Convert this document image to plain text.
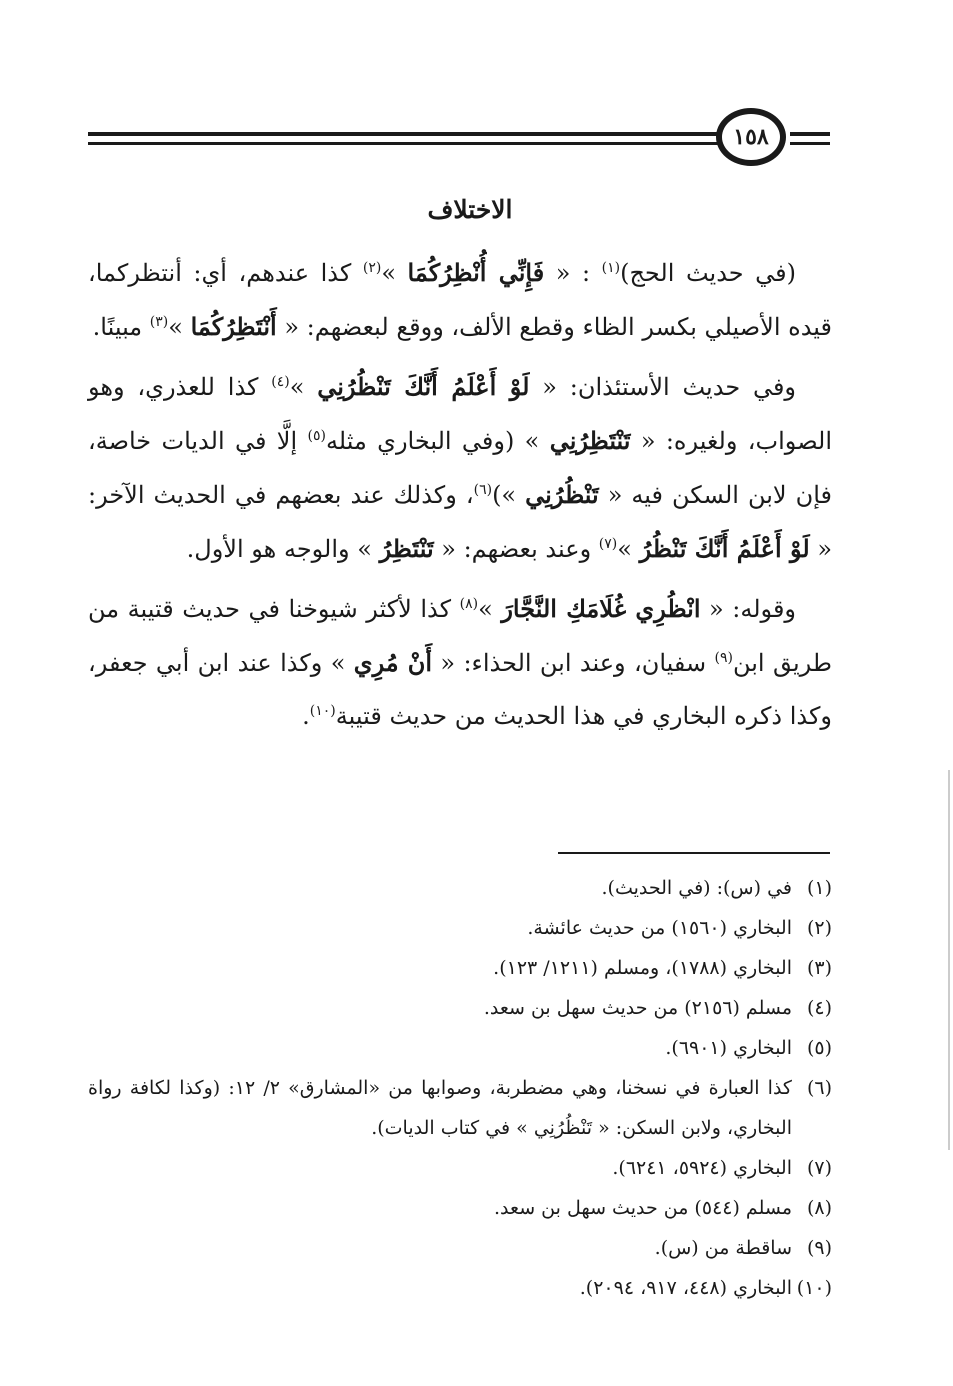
١٥٨
الاختلاف

(في حديث الحج)$^{(١)}$ : « فَإِنِّي أُنْظِرُكُمَا »$^{(٢)}$ كذا عندهم، أي: أنتظركما، قيده الأصيلي بكسر الظاء وقطع الألف، ووقع لبعضهم: « أَنْتَظِرُكُمَا »$^{(٣)}$ مبينًا.

وفي حديث الأستئذان: « لَوْ أَعْلَمُ أَنَّكَ تَنْظُرُنِي »$^{(٤)}$ كذا للعذري، وهو الصواب، ولغيره: « تَنْتَظِرُنِي » (وفي البخاري مثله$^{(٥)}$ إلَّا في الديات خاصة، فإن لابن السكن فيه « تَنْظُرُنِي »)$^{(٦)}$، وكذلك عند بعضهم في الحديث الآخر: « لَوْ أَعْلَمُ أَنَّكَ تَنْظُرُ »$^{(٧)}$ وعند بعضهم: « تَنْتَظِرُ » والوجه هو الأول.

وقوله: « انْظُرِي غُلَامَكِ النَّجَّارَ »$^{(٨)}$ كذا لأكثر شيوخنا في حديث قتيبة من طريق ابن$^{(٩)}$ سفيان، وعند ابن الحذاء: « أَنْ مُرِي » وكذا عند ابن أبي جعفر، وكذا ذكره البخاري في هذا الحديث من حديث قتيبة$^{(١٠)}$.

(١)
في (س): (في الحديث).
(٢)
البخاري (١٥٦٠) من حديث عائشة.
(٣)
البخاري (١٧٨٨)، ومسلم (١٢١١/ ١٢٣).
(٤)
مسلم (٢١٥٦) من حديث سهل بن سعد.
(٥)
البخاري (٦٩٠١).
(٦)
كذا العبارة في نسخنا، وهي مضطربة، وصوابها من «المشارق» ٢/ ١٢: (وكذا لكافة رواة البخاري، ولابن السكن: « تَنْظُرُنِي » في كتاب الديات).
(٧)
البخاري (٥٩٢٤، ٦٢٤١).
(٨)
مسلم (٥٤٤) من حديث سهل بن سعد.
(٩)
ساقطة من (س).
(١٠)
البخاري (٤٤٨، ٩١٧، ٢٠٩٤).
